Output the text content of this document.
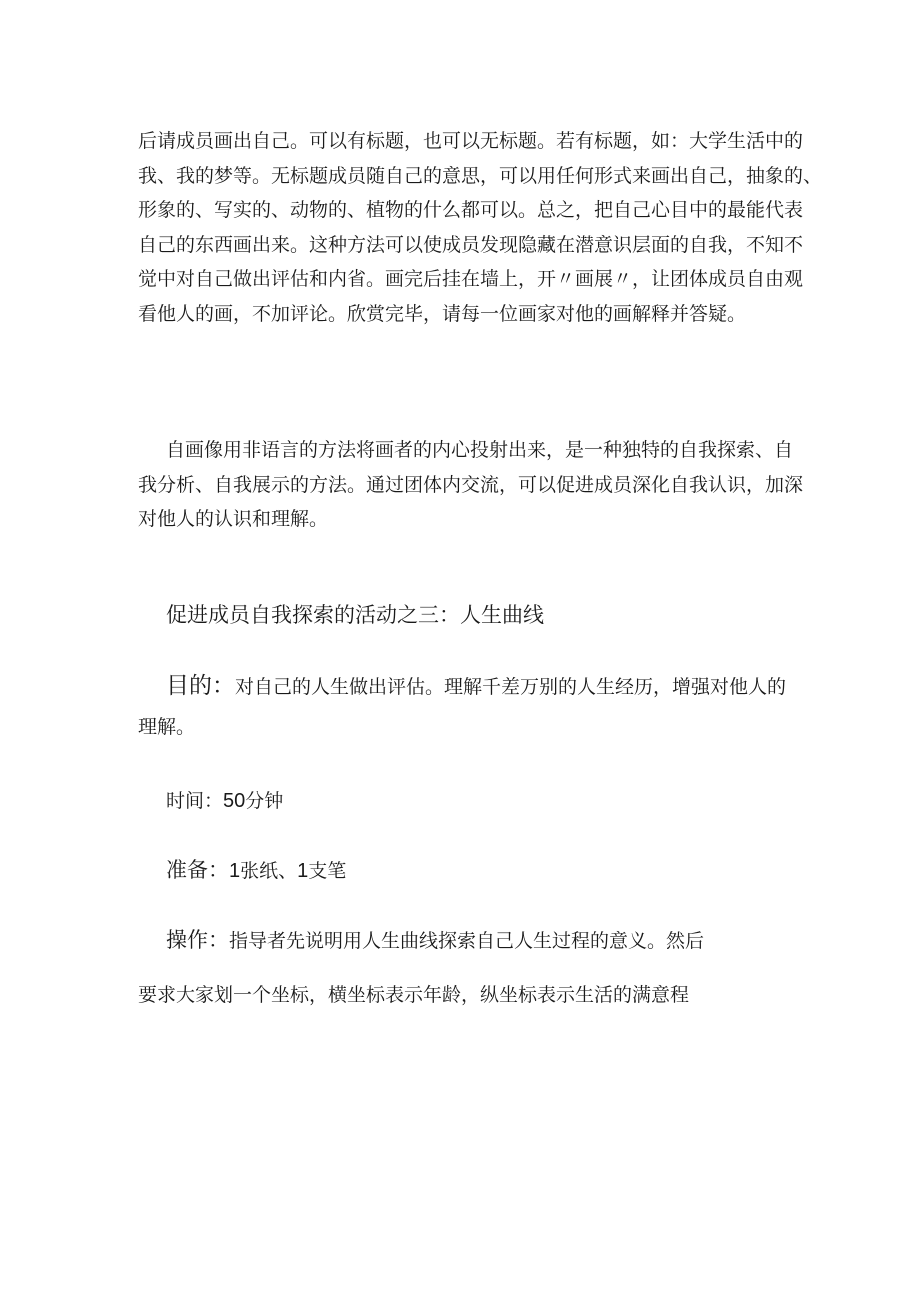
后请成员画出自己。可以有标题，也可以无标题。若有标题，如：大学生活中的
我、我的梦等。无标题成员随自己的意思，可以用任何形式来画出自己，抽象的、
形象的、写实的、动物的、植物的什么都可以。总之，把自己心目中的最能代表
自己的东西画出来。这种方法可以使成员发现隐藏在潜意识层面的自我，不知不
觉中对自己做出评估和内省。画完后挂在墙上，开〃画展〃，让团体成员自由观
看他人的画，不加评论。欣赏完毕，请每一位画家对他的画解释并答疑。
自画像用非语言的方法将画者的内心投射出来，是一种独特的自我探索、自
我分析、自我展示的方法。通过团体内交流，可以促进成员深化自我认识，加深
对他人的认识和理解。
促进成员自我探索的活动之三：人生曲线
目的：对自己的人生做出评估。理解千差万别的人生经历，增强对他人的
理解。
时间：50分钟
准备：1张纸、1支笔
操作：指导者先说明用人生曲线探索自己人生过程的意义。然后
要求大家划一个坐标，横坐标表示年龄，纵坐标表示生活的满意程
